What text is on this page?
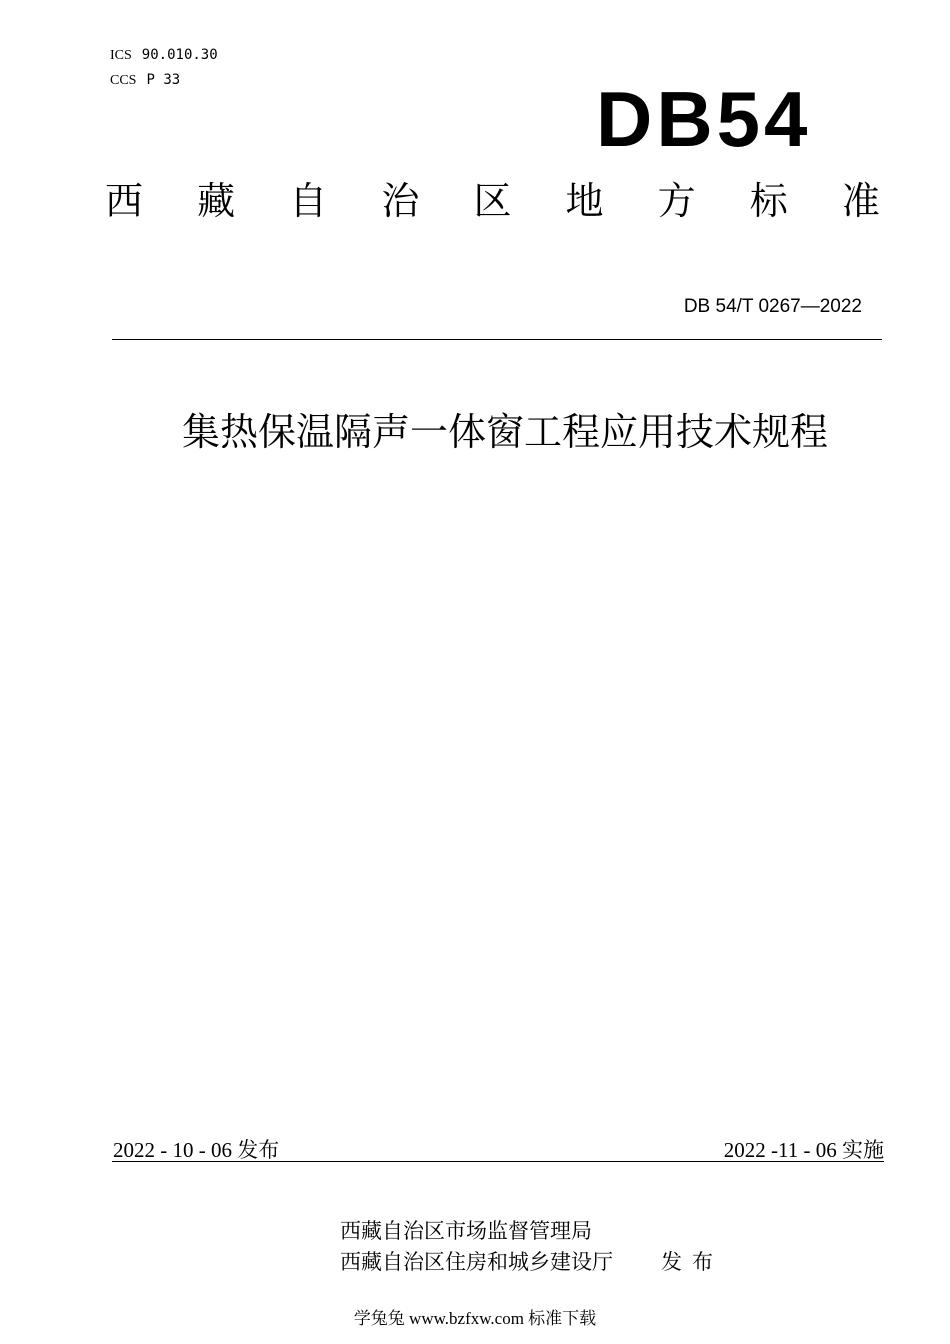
ICS 90.010.30
CCS P 33	DB54
西 藏 自 治 区 地 方 标 准
DB 54/T 0267—2022
集热保温隔声一体窗工程应用技术规程
2022 - 10 - 06 发布	2022 -11 - 06 实施
西藏自治区市场监督管理局
西藏自治区住房和城乡建设厅 发布
学兔兔 www.bzfxw.com 标准下载
